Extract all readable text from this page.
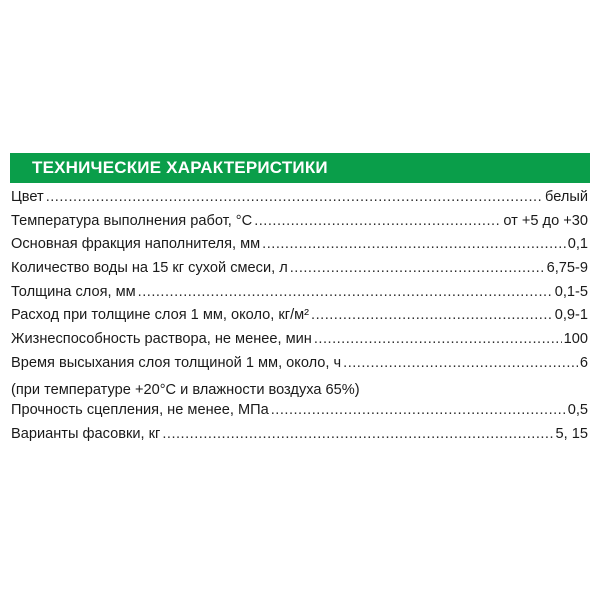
ТЕХНИЧЕСКИЕ ХАРАКТЕРИСТИКИ
Цвет .....	белый
Температура выполнения работ, °С .....	от +5 до +30
Основная фракция наполнителя, мм .....	0,1
Количество воды на 15 кг сухой смеси, л .....	6,75-9
Толщина слоя, мм .....	0,1-5
Расход при толщине слоя 1 мм, около, кг/м² .....	0,9-1
Жизнеспособность раствора, не менее, мин .....	100
Время высыхания слоя толщиной 1 мм, около, ч .....	6
(при температуре +20°С и влажности воздуха 65%)
Прочность сцепления, не менее, МПа .....	0,5
Варианты фасовки, кг .....	5, 15
